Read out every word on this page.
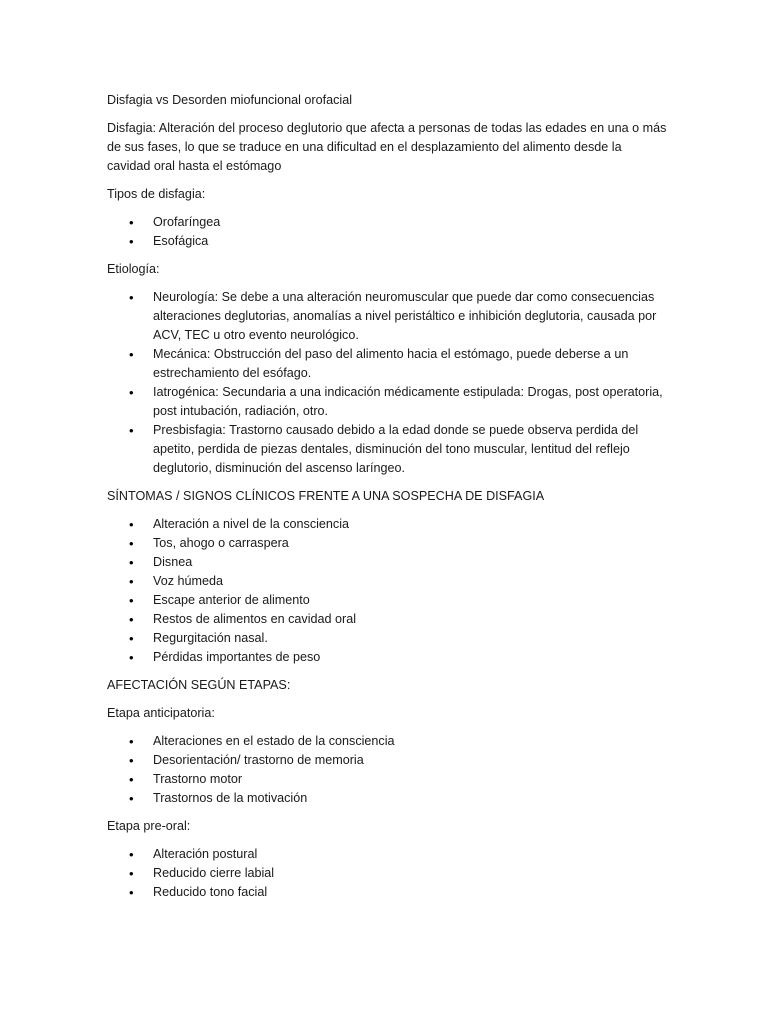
Disfagia vs Desorden miofuncional orofacial

Disfagia: Alteración del proceso deglutorio que afecta a personas de todas las edades en una o más de sus fases, lo que se traduce en una dificultad en el desplazamiento del alimento desde la cavidad oral hasta el estómago

Tipos de disfagia:

• Orofaríngea
• Esofágica

Etiología:

• Neurología: Se debe a una alteración neuromuscular que puede dar como consecuencias alteraciones deglutorias, anomalías a nivel peristáltico e inhibición deglutoria, causada por ACV, TEC u otro evento neurológico.
• Mecánica: Obstrucción del paso del alimento hacia el estómago, puede deberse a un estrechamiento del esófago.
• Iatrogénica: Secundaria a una indicación médicamente estipulada: Drogas, post operatoria, post intubación, radiación, otro.
• Presbisfagia: Trastorno causado debido a la edad donde se puede observa perdida del apetito, perdida de piezas dentales, disminución del tono muscular, lentitud del reflejo deglutorio, disminución del ascenso laríngeo.

SÍNTOMAS / SIGNOS CLÍNICOS FRENTE A UNA SOSPECHA DE DISFAGIA

• Alteración a nivel de la consciencia
• Tos, ahogo o carraspera
• Disnea
• Voz húmeda
• Escape anterior de alimento
• Restos de alimentos en cavidad oral
• Regurgitación nasal.
• Pérdidas importantes de peso

AFECTACIÓN SEGÚN ETAPAS:

Etapa anticipatoria:

• Alteraciones en el estado de la consciencia
• Desorientación/ trastorno de memoria
• Trastorno motor
• Trastornos de la motivación

Etapa pre-oral:

• Alteración postural
• Reducido cierre labial
• Reducido tono facial
